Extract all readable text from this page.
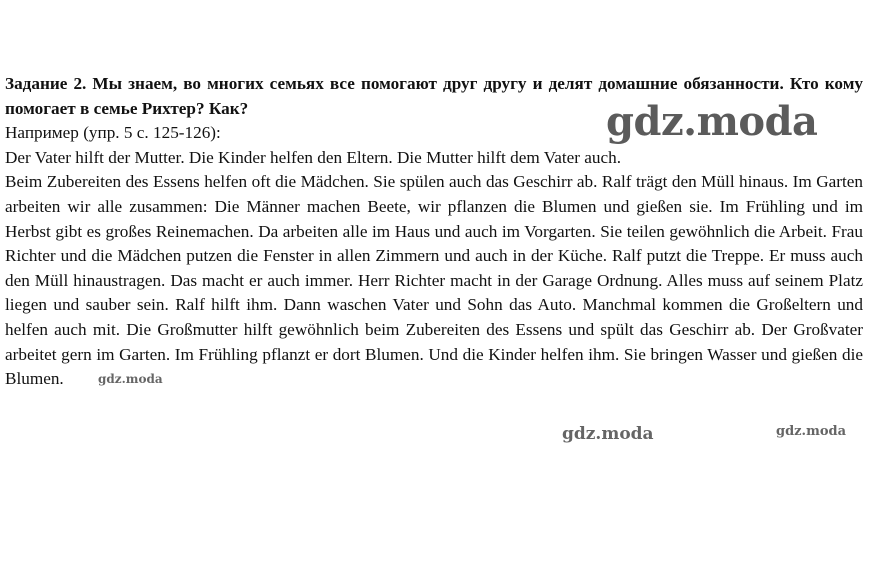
Задание 2. Мы знаем, во многих семьях все помогают друг другу и делят домашние обязанности. Кто кому помогает в семье Рихтер? Как?

Например (упр. 5 с. 125-126):

Der Vater hilft der Mutter. Die Kinder helfen den Eltern. Die Mutter hilft dem Vater auch.
Beim Zubereiten des Essens helfen oft die Mädchen. Sie spülen auch das Geschirr ab. Ralf trägt den Müll hinaus. Im Garten arbeiten wir alle zusammen: Die Männer machen Beete, wir pflanzen die Blumen und gießen sie. Im Frühling und im Herbst gibt es großes Reinemachen. Da arbeiten alle im Haus und auch im Vorgarten. Sie teilen gewöhnlich die Arbeit. Frau Richter und die Mädchen putzen die Fenster in allen Zimmern und auch in der Küche. Ralf putzt die Treppe. Er muss auch den Müll hinaustragen. Das macht er auch immer. Herr Richter macht in der Garage Ordnung. Alles muss auf seinem Platz liegen und sauber sein. Ralf hilft ihm. Dann waschen Vater und Sohn das Auto. Manchmal kommen die Großeltern und helfen auch mit. Die Großmutter hilft gewöhnlich beim Zubereiten des Essens und spült das Geschirr ab. Der Großvater arbeitet gern im Garten. Im Frühling pflanzt er dort Blumen. Und die Kinder helfen ihm. Sie bringen Wasser und gießen die Blumen.

gdz.moda
gdz.moda
gdz.moda	gdz.moda
